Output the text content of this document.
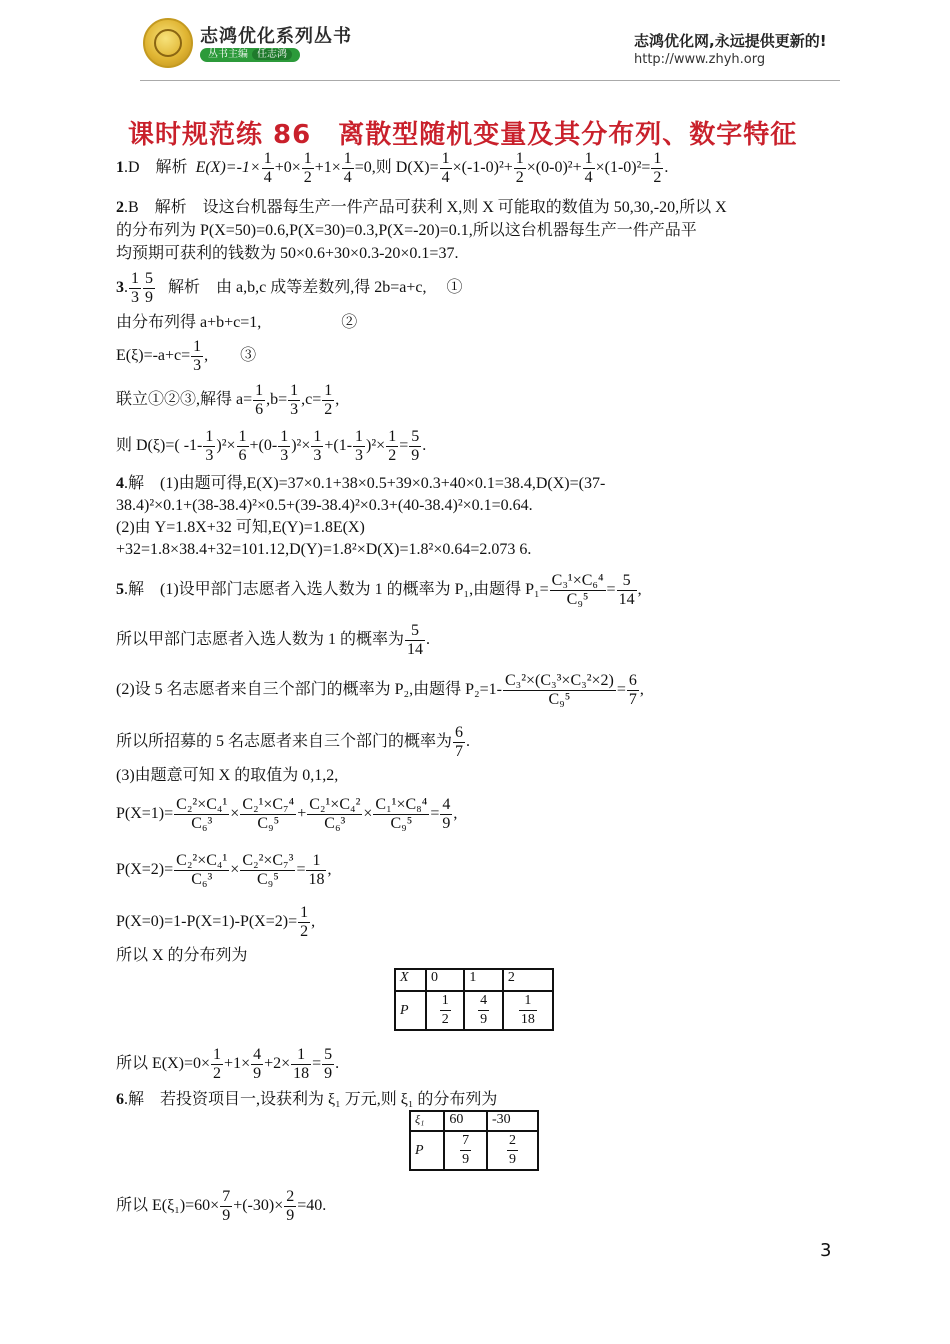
志鸿优化系列丛书
丛书主编 任志鸿
志鸿优化网,永远提供更新的!
http://www.zhyh.org
课时规范练 86　离散型随机变量及其分布列、数字特征
1.D　解析 $E(X)=-1\times \frac{1}{4} +0\times \frac{1}{2} +1\times \frac{1}{4} =0$,则 $D(X)= \frac{1}{4} \times(-1-0)^2+ \frac{1}{2} \times(0-0)^2+ \frac{1}{4} \times(1-0)^2= \frac{1}{2}$ .
2.B　解析　设这台机器每生产一件产品可获利 X,则 X 可能取的数值为 50,30,-20,所以 X
的分布列为 P(X=50)=0.6,P(X=30)=0.3,P(X=-20)=0.1,所以这台机器每生产一件产品平
均预期可获利的钱数为 50×0.6+30×0.3-20×0.1=37.
3. $\frac{1}{3} \frac{5}{9}$ 解析　由 a,b,c 成等差数列,得 2b=a+c,　 ①
由分布列得 a+b+c=1,　　　　　②
$E(\xi)=-a+c= \frac{1}{3}$ ,　　③
联立①②③,解得 $a= \frac{1}{6} ,b= \frac{1}{3} ,c= \frac{1}{2}$ ,
则 D(ξ)=( $-1- \frac{1}{3} )^2\times \frac{1}{6} +(0- \frac{1}{3} )^2\times \frac{1}{3} +(1- \frac{1}{3} )^2\times \frac{1}{2} = \frac{5}{9}$ .
4.解　(1)由题可得,E(X)=37×0.1+38×0.5+39×0.3+40×0.1=38.4,D(X)=(37-
38.4)²×0.1+(38-38.4)²×0.5+(39-38.4)²×0.3+(40-38.4)²×0.1=0.64.
(2)由 Y=1.8X+32 可知,E(Y)=1.8E(X)
+32=1.8×38.4+32=101.12,D(Y)=1.8²×D(X)=1.8²×0.64=2.073 6.
5.解　(1)设甲部门志愿者入选人数为 1 的概率为 P₁,由题得 $P_1= \frac{\text{C₃¹×C₆⁴}}{\text{C₉⁵}} = \frac{5}{14}$ ,
所以甲部门志愿者入选人数为 1 的概率为 $\frac{5}{14}$ .
(2)设 5 名志愿者来自三个部门的概率为 P₂,由题得 $P_2=1- \frac{\text{C₃²×(C₃³×C₃²×2)}}{\text{C₉⁵}} = \frac{6}{7}$ ,
所以所招募的 5 名志愿者来自三个部门的概率为 $\frac{6}{7}$ .
(3)由题意可知 X 的取值为 0,1,2,
$P(X=1)= \frac{\text{C₂²×C₄¹}}{\text{C₆³}} \times \frac{\text{C₂¹×C₇⁴}}{\text{C₉⁵}} + \frac{\text{C₂¹×C₄²}}{\text{C₆³}} \times \frac{\text{C₁¹×C₈⁴}}{\text{C₉⁵}} = \frac{4}{9}$ ,
$P(X=2)= \frac{\text{C₂²×C₄¹}}{\text{C₆³}} \times \frac{\text{C₂²×C₇³}}{\text{C₉⁵}} = \frac{1}{18}$ ,
$P(X=0)=1-P(X=1)-P(X=2)= \frac{1}{2}$ ,
所以 X 的分布列为
X	0	1	2
P	$\frac{1}{2}$	$\frac{4}{9}$	$\frac{1}{18}$
所以 $E(X)=0\times \frac{1}{2} +1\times \frac{4}{9} +2\times \frac{1}{18} = \frac{5}{9}$ .
6.解　若投资项目一,设获利为 ξ₁ 万元,则 ξ₁ 的分布列为
ξ₁	60	-30
P	$\frac{7}{9}$	$\frac{2}{9}$
所以 $E(\xi_1)=60\times \frac{7}{9} +(-30)\times \frac{2}{9} =40$.
3
